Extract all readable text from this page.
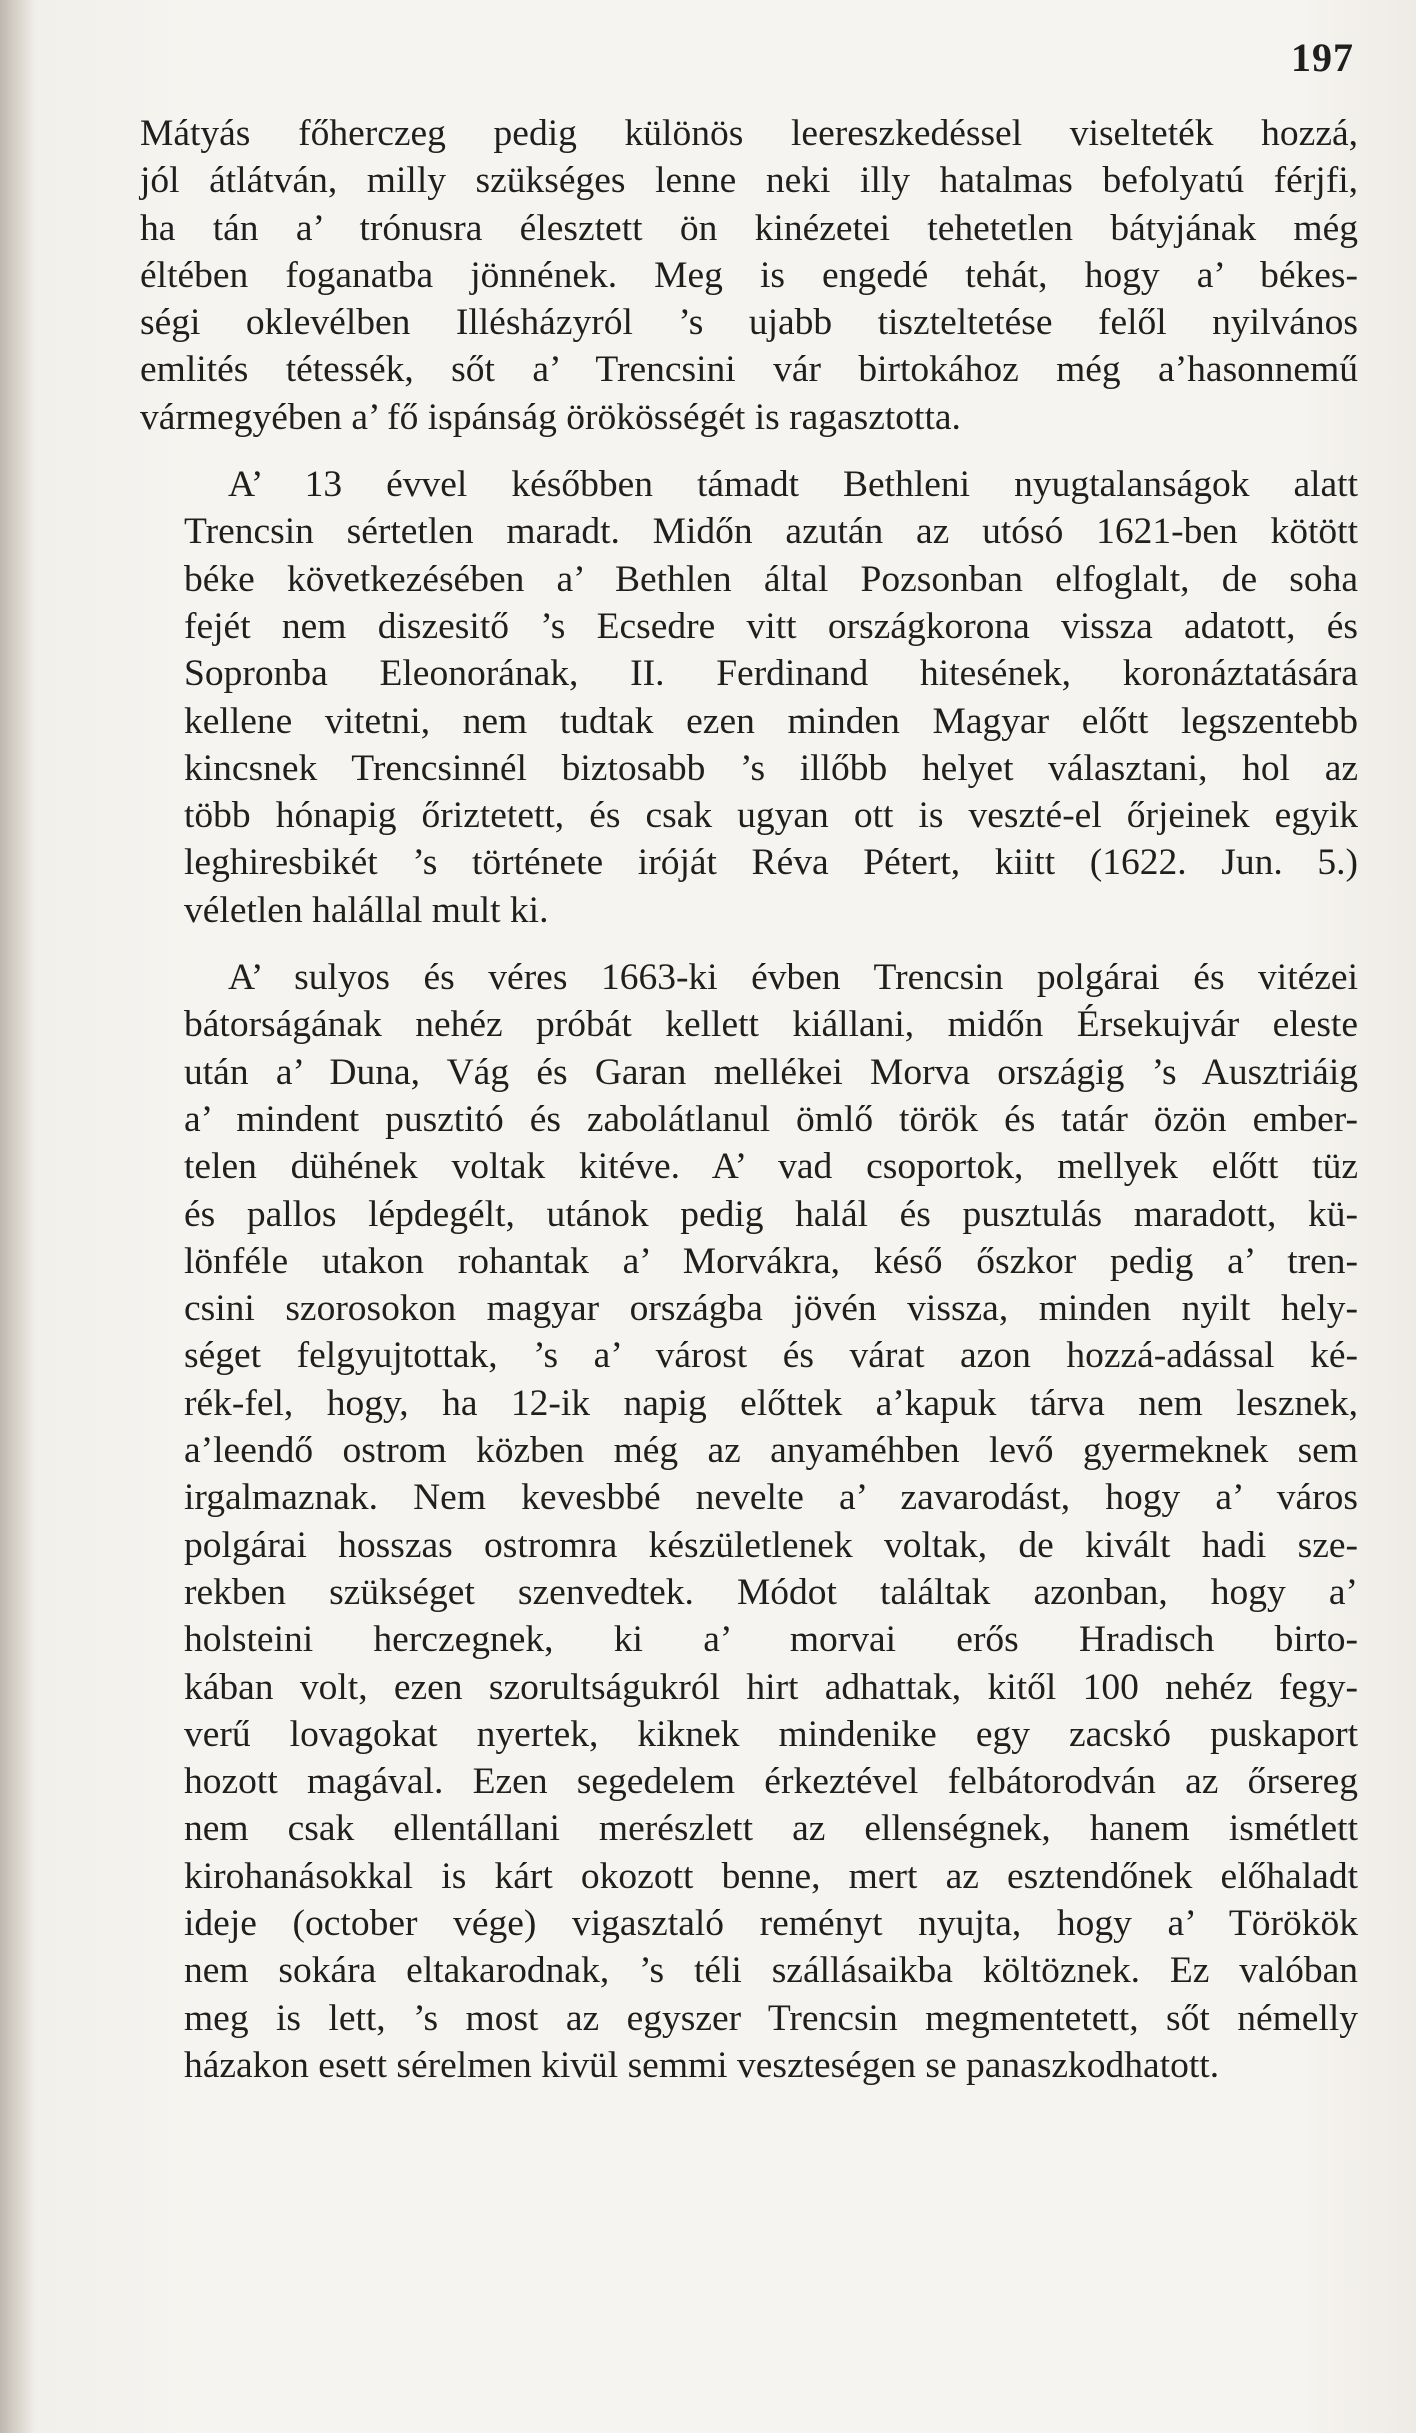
197
Mátyás főherczeg pedig különös leereszkedéssel viselteték hozzá,
jól átlátván, milly szükséges lenne neki illy hatalmas befolyatú férjfi,
ha tán a’ trónusra élesztett ön kinézetei tehetetlen bátyjának még
éltében foganatba jönnének. Meg is engedé tehát, hogy a’ békes-
ségi oklevélben Illésházyról ’s ujabb tiszteltetése felől nyilvános
emlités tétessék, sőt a’ Trencsini vár birtokához még a’hasonnemű
vármegyében a’ fő ispánság örökösségét is ragasztotta.
A’ 13 évvel későbben támadt Bethleni nyugtalanságok alatt
Trencsin sértetlen maradt. Midőn azután az utósó 1621-ben kötött
béke következésében a’ Bethlen által Pozsonban elfoglalt, de soha
fejét nem diszesitő ’s Ecsedre vitt országkorona vissza adatott, és
Sopronba Eleonorának, II. Ferdinand hitesének, koronáztatására
kellene vitetni, nem tudtak ezen minden Magyar előtt legszentebb
kincsnek Trencsinnél biztosabb ’s illőbb helyet választani, hol az
több hónapig őriztetett, és csak ugyan ott is veszté-el őrjeinek egyik
leghiresbikét ’s története iróját Réva Pétert, kiitt (1622. Jun. 5.)
véletlen halállal mult ki.
A’ sulyos és véres 1663-ki évben Trencsin polgárai és vitézei
bátorságának nehéz próbát kellett kiállani, midőn Érsekujvár eleste
után a’ Duna, Vág és Garan mellékei Morva országig ’s Ausztriáig
a’ mindent pusztitó és zabolátlanul ömlő török és tatár özön ember-
telen dühének voltak kitéve. A’ vad csoportok, mellyek előtt tüz
és pallos lépdegélt, utánok pedig halál és pusztulás maradott, kü-
lönféle utakon rohantak a’ Morvákra, késő őszkor pedig a’ tren-
csini szorosokon magyar országba jövén vissza, minden nyilt hely-
séget felgyujtottak, ’s a’ várost és várat azon hozzá-adással ké-
rék-fel, hogy, ha 12-ik napig előttek a’kapuk tárva nem lesznek,
a’leendő ostrom közben még az anyaméhben levő gyermeknek sem
irgalmaznak. Nem kevesbbé nevelte a’ zavarodást, hogy a’ város
polgárai hosszas ostromra készületlenek voltak, de kivált hadi sze-
rekben szükséget szenvedtek. Módot találtak azonban, hogy a’
holsteini herczegnek, ki a’ morvai erős Hradisch birto-
kában volt, ezen szorultságukról hirt adhattak, kitől 100 nehéz fegy-
verű lovagokat nyertek, kiknek mindenike egy zacskó puskaport
hozott magával. Ezen segedelem érkeztével felbátorodván az őrsereg
nem csak ellentállani merészlett az ellenségnek, hanem ismétlett
kirohanásokkal is kárt okozott benne, mert az esztendőnek előhaladt
ideje (october vége) vigasztaló reményt nyujta, hogy a’ Törökök
nem sokára eltakarodnak, ’s téli szállásaikba költöznek. Ez valóban
meg is lett, ’s most az egyszer Trencsin megmentetett, sőt némelly
házakon esett sérelmen kivül semmi veszteségen se panaszkodhatott.
